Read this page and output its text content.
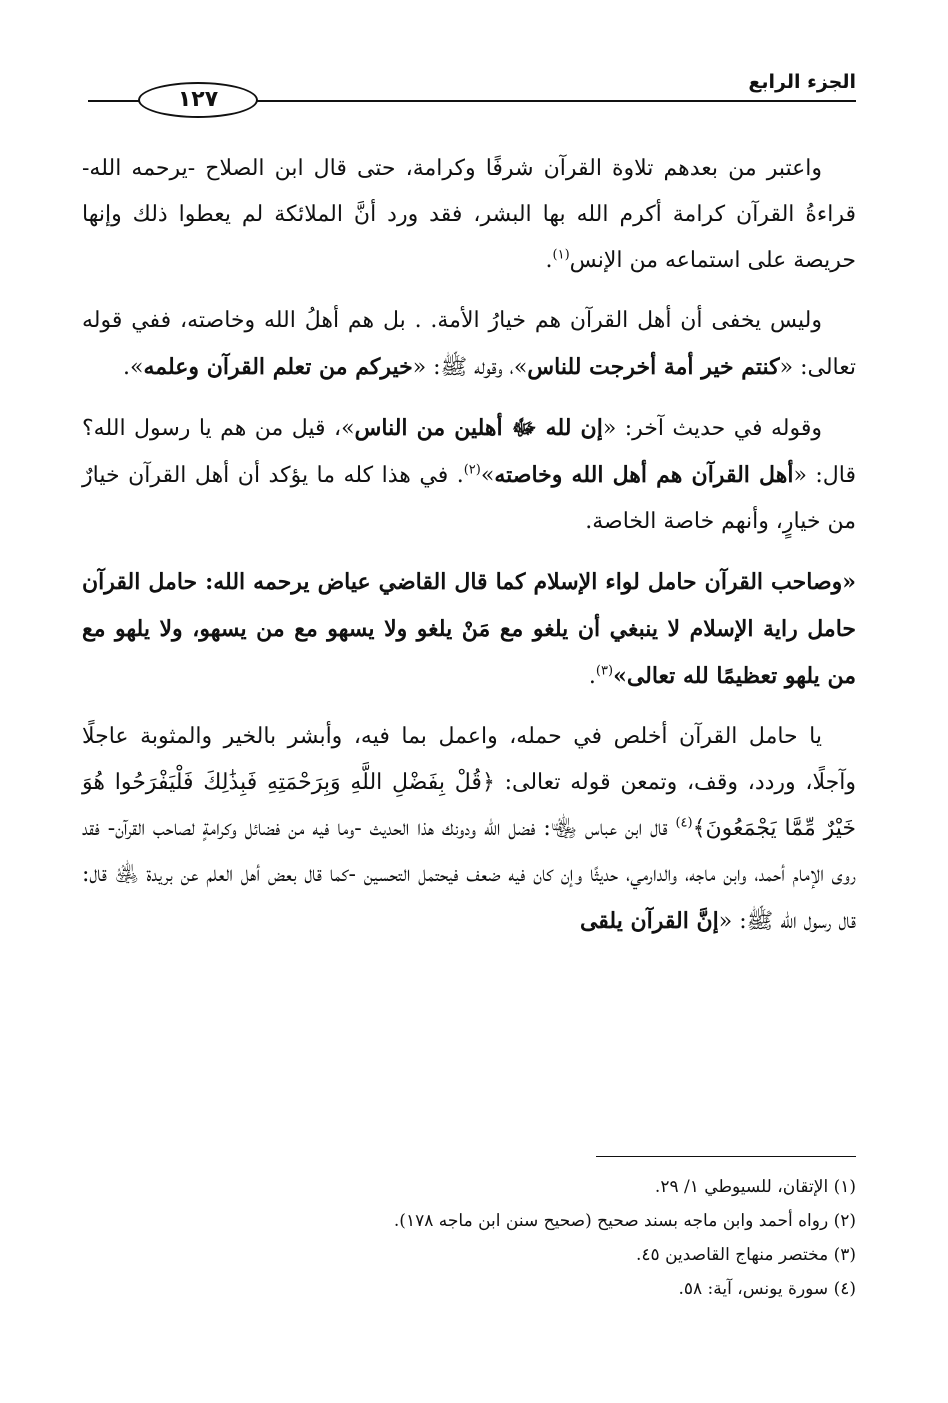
الجزء الرابع
١٢٧

واعتبر من بعدهم تلاوة القرآن شرفًا وكرامة، حتى قال ابن الصلاح -يرحمه الله- قراءةُ القرآن كرامة أكرم الله بها البشر، فقد ورد أنَّ الملائكة لم يعطوا ذلك وإنها حريصة على استماعه من الإنس$^{(١)}$.

وليس يخفى أن أهل القرآن هم خيارُ الأمة. . بل هم أهلُ الله وخاصته، ففي قوله تعالى: «كنتم خير أمة أخرجت للناس»، وقوله ﷺ: «خيركم من تعلم القرآن وعلمه».

وقوله في حديث آخر: «إن لله ﷻ أهلين من الناس»، قيل من هم يا رسول الله؟ قال: «أهل القرآن هم أهل الله وخاصته»$^{(٢)}$. في هذا كله ما يؤكد أن أهل القرآن خيارٌ من خيارٍ، وأنهم خاصة الخاصة.

«وصاحب القرآن حامل لواء الإسلام كما قال القاضي عياض يرحمه الله: حامل القرآن حامل راية الإسلام لا ينبغي أن يلغو مع مَنْ يلغو ولا يسهو مع من يسهو، ولا يلهو مع من يلهو تعظيمًا لله تعالى»$^{(٣)}$.

يا حامل القرآن أخلص في حمله، واعمل بما فيه، وأبشر بالخير والمثوبة عاجلًا وآجلًا، وردد، وقف، وتمعن قوله تعالى: ﴿قُلْ بِفَضْلِ اللَّهِ وَبِرَحْمَتِهِ فَبِذَٰلِكَ فَلْيَفْرَحُوا هُوَ خَيْرٌ مِّمَّا يَجْمَعُونَ﴾$^{(٤)}$ قال ابن عباس ﵄: فضل الله ودونك هذا الحديث -وما فيه من فضائل وكرامةٍ لصاحب القرآن- فقد روى الإمام أحمد، وابن ماجه، والدارمي، حديثًا وإن كان فيه ضعف فيحتمل التحسين -كما قال بعض أهل العلم عن بريدة ﵁ قال: قال رسول الله ﷺ: «إنَّ القرآن يلقى

(١) الإتقان، للسيوطي ١/ ٢٩.
(٢) رواه أحمد وابن ماجه بسند صحيح (صحيح سنن ابن ماجه ١٧٨).
(٣) مختصر منهاج القاصدين ٤٥.
(٤) سورة يونس، آية: ٥٨.
